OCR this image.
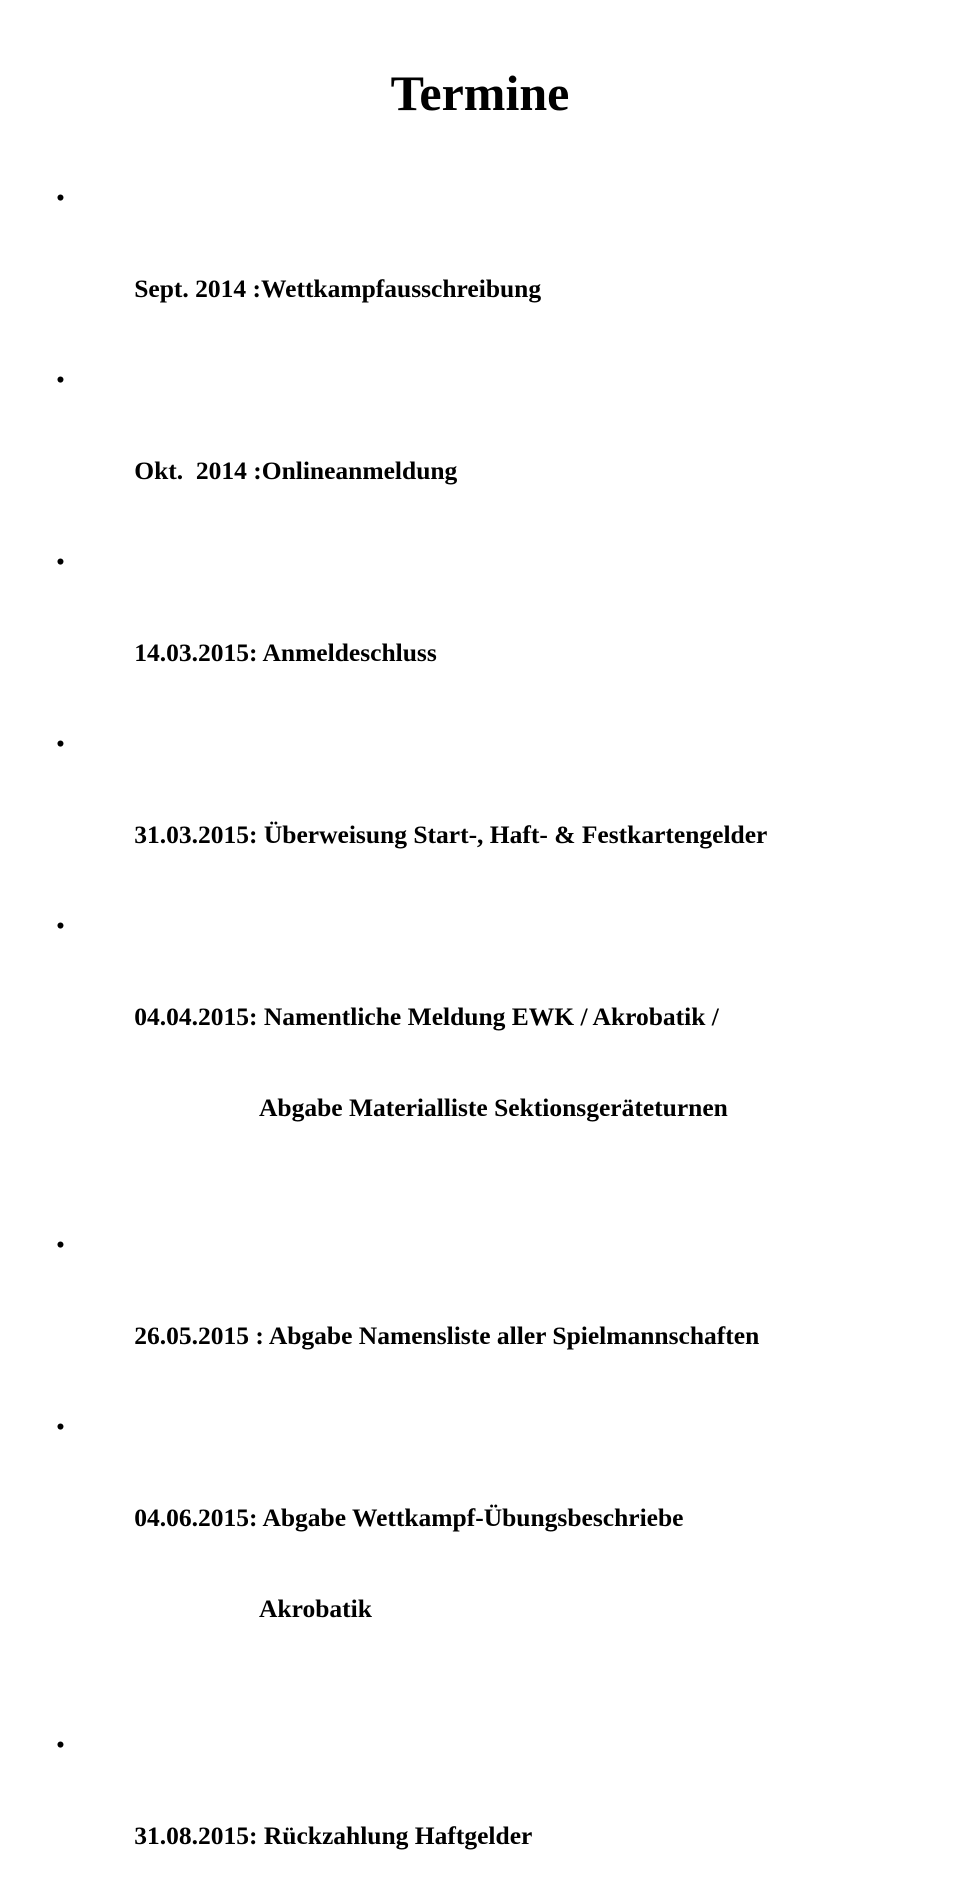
Termine

•

Sept. 2014 :Wettkampfausschreibung

•

Okt.  2014 :Onlineanmeldung

•

14.03.2015: Anmeldeschluss

•

31.03.2015: Überweisung Start-, Haft- & Festkartengelder

•

04.04.2015: Namentliche Meldung EWK / Akrobatik /

Abgabe Materialliste Sektionsgeräteturnen

•

26.05.2015 : Abgabe Namensliste aller Spielmannschaften

•

04.06.2015: Abgabe Wettkampf-Übungsbeschriebe

Akrobatik

•

31.08.2015: Rückzahlung Haftgelder
